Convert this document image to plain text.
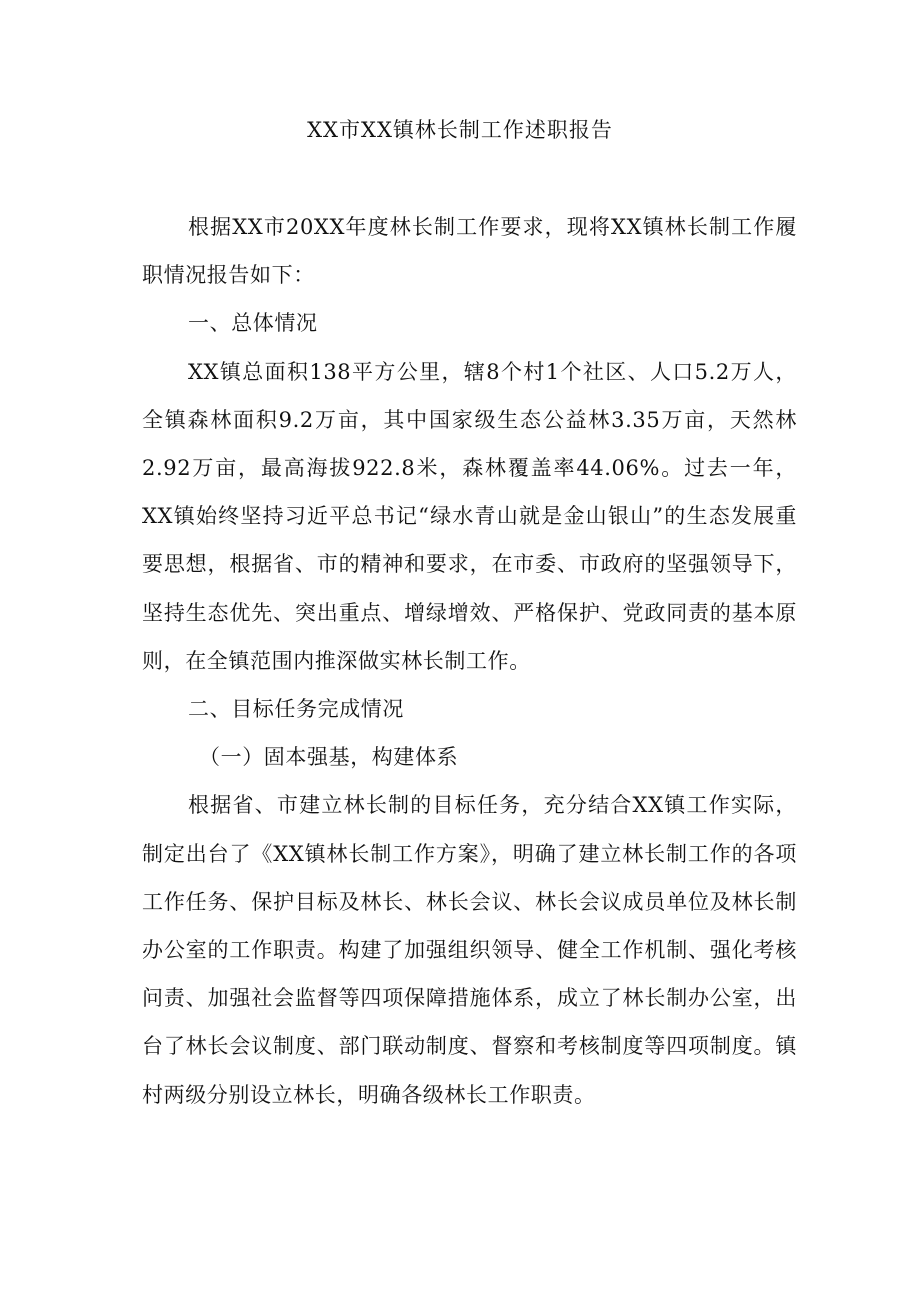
XX市XX镇林长制工作述职报告

根据XX市20XX年度林长制工作要求，现将XX镇林长制工作履职情况报告如下：

一、总体情况

XX镇总面积138平方公里，辖8个村1个社区、人口5.2万人，全镇森林面积9.2万亩，其中国家级生态公益林3.35万亩，天然林2.92万亩，最高海拔922.8米，森林覆盖率44.06%。过去一年，XX镇始终坚持习近平总书记“绿水青山就是金山银山”的生态发展重要思想，根据省、市的精神和要求，在市委、市政府的坚强领导下，坚持生态优先、突出重点、增绿增效、严格保护、党政同责的基本原则，在全镇范围内推深做实林长制工作。

二、目标任务完成情况

（一）固本强基，构建体系

根据省、市建立林长制的目标任务，充分结合XX镇工作实际，制定出台了《XX镇林长制工作方案》，明确了建立林长制工作的各项工作任务、保护目标及林长、林长会议、林长会议成员单位及林长制办公室的工作职责。构建了加强组织领导、健全工作机制、强化考核问责、加强社会监督等四项保障措施体系，成立了林长制办公室，出台了林长会议制度、部门联动制度、督察和考核制度等四项制度。镇村两级分别设立林长，明确各级林长工作职责。
